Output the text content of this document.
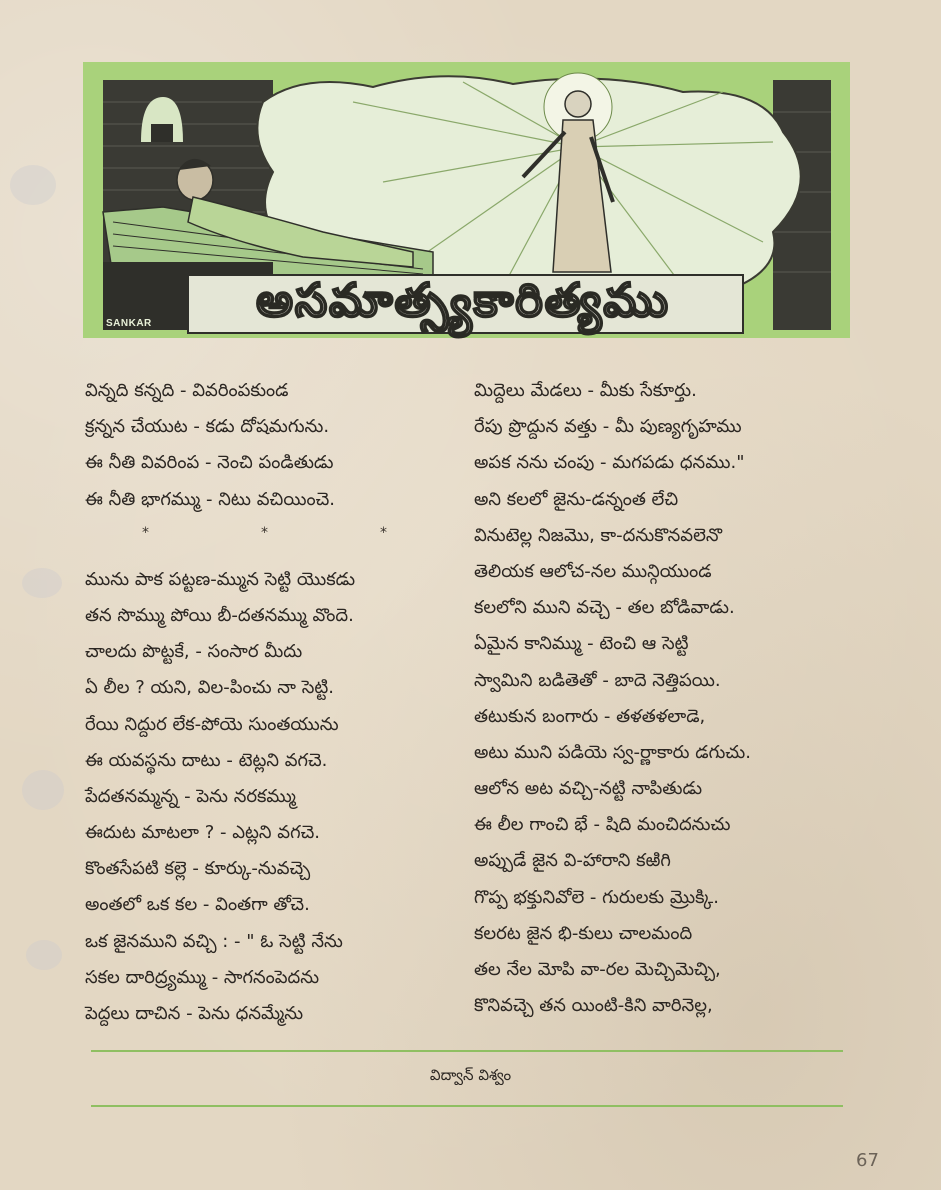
అసమాత్స్యకారిత్యము
SANKAR
విన్నది కన్నది - వివరింపకుండ
క్రన్నన చేయుట - కడు దోషమగును.
ఈ నీతి వివరింప - నెంచి పండితుడు
ఈ నీతి భాగమ్ము - నిటు వచియించె.
*	*	*
మును పాక పట్టణ-మ్మున సెట్టి యొకడు
తన సొమ్ము పోయి బీ-దతనమ్ము వొందె.
చాలదు పొట్టకే, - సంసార మీదు
ఏ లీల ? యని, విల-పించు నా సెట్టి.
రేయి నిద్దుర లేక-పోయె సుంతయును
ఈ యవస్థను దాటు - టెట్లని వగచె.
పేదతనమ్మన్న - పెను నరకమ్ము
ఈదుట మాటలా ? - ఎట్లని వగచె.
కొంతసేపటి కల్లె - కూర్కు-నువచ్చె
అంతలో ఒక కల - వింతగా తోచె.
ఒక జైనముని వచ్చి : - " ఓ సెట్టి నేను
సకల దారిద్ర్యమ్ము - సాగనంపెదను
పెద్దలు దాచిన - పెను ధనమ్మేను
మిద్దెలు మేడలు - మీకు సేకూర్తు.
రేపు ప్రొద్దున వత్తు - మీ పుణ్యగృహము
అపక నను చంపు - మగపడు ధనము."
అని కలలో జైను-డన్నంత లేచి
వినుటెల్ల నిజమొ, కా-దనుకొనవలెనొ
తెలియక ఆలోచ-నల మున్గియుండ
కలలోని ముని వచ్చె - తల బోడివాడు.
ఏమైన కానిమ్ము - టెంచి ఆ సెట్టి
స్వామిని బడితెతో - బాదె నెత్తిపయి.
తటుకున బంగారు - తళతళలాడె,
అటు ముని పడియె స్వ-ర్ణాకారు డగుచు.
ఆలోన అట వచ్చి-నట్టి నాపితుడు
ఈ లీల గాంచి భే - షిది మంచిదనుచు
అప్పుడే జైన వి-హారాని కఱిగి
గొప్ప భక్తునివోలె - గురులకు మ్రొక్కి.
కలరట జైన భి-కులు చాలమంది
తల నేల మోపి వా-రల మెచ్చిమెచ్చి,
కొనివచ్చె తన యింటి-కిని వారినెల్ల,
విద్వాన్ విశ్వం
67
